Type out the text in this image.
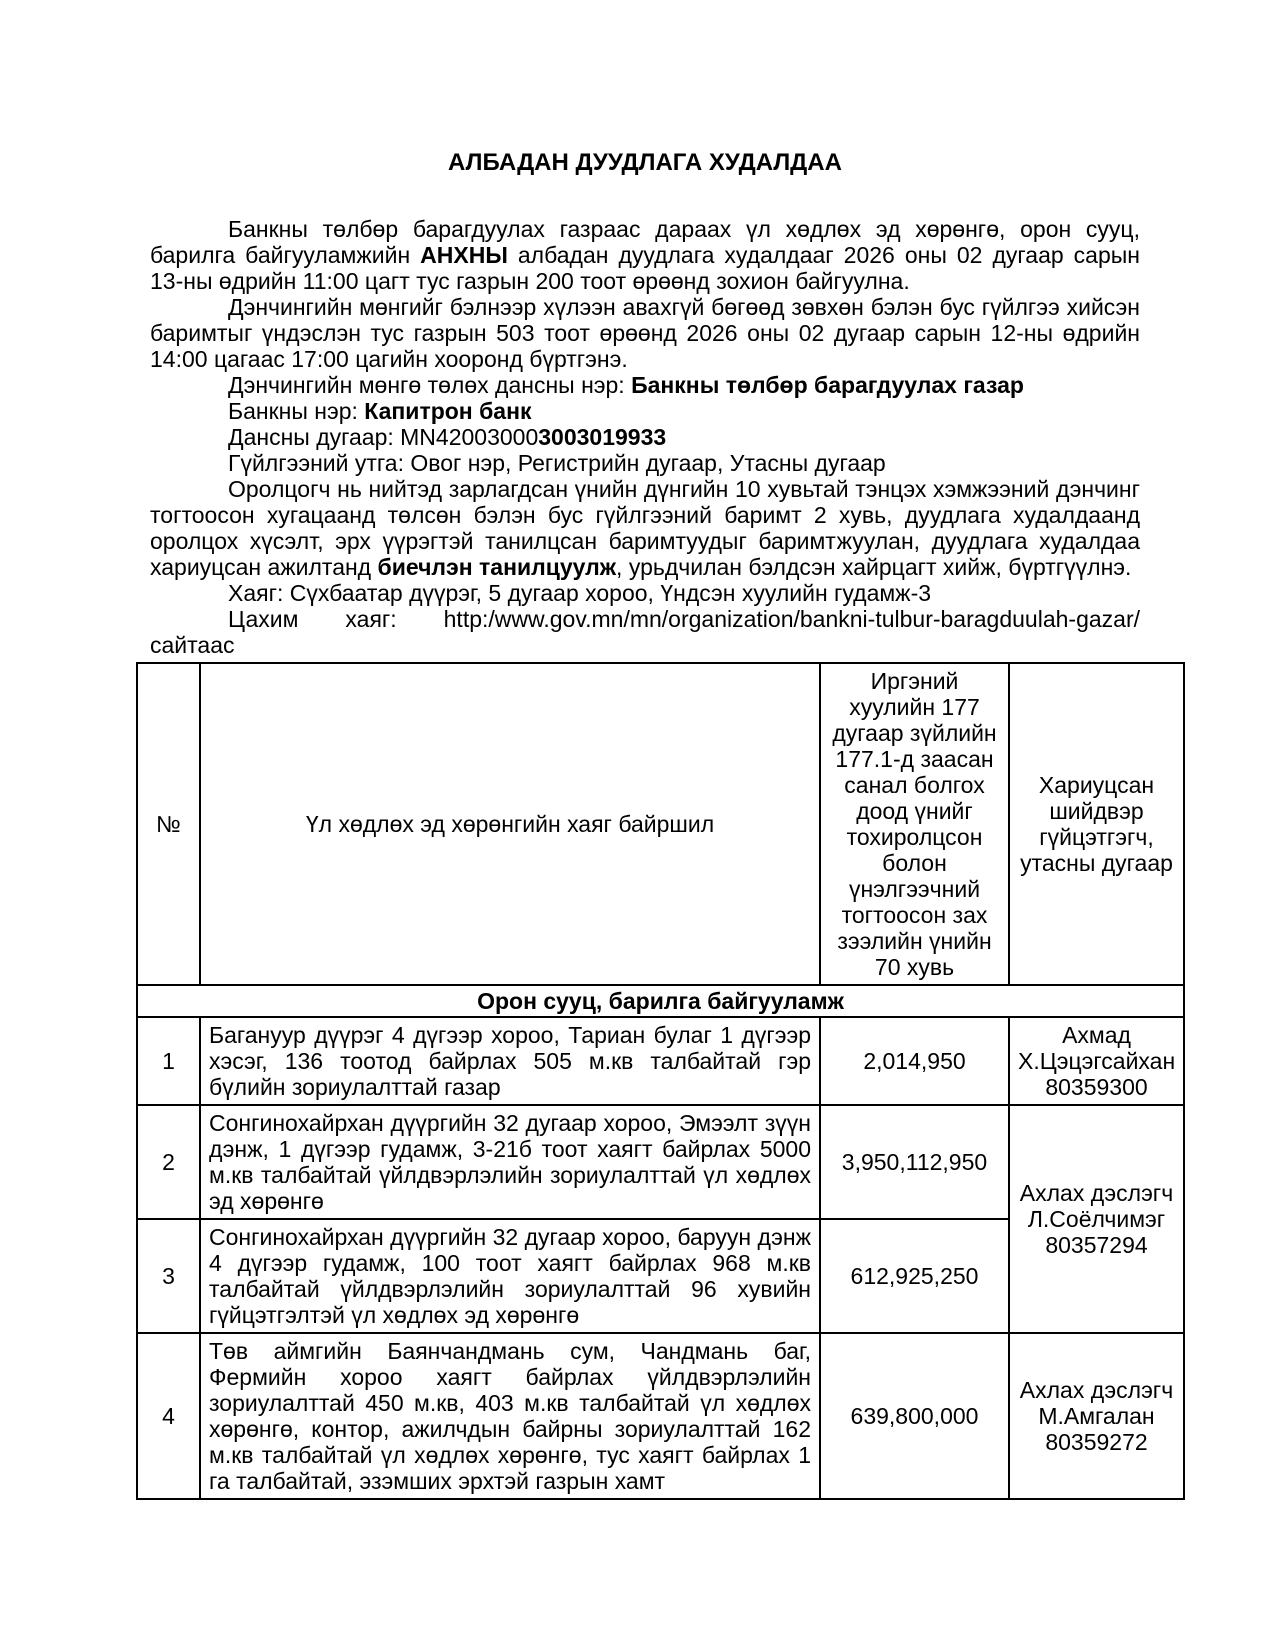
АЛБАДАН ДУУДЛАГА ХУДАЛДАА

Банкны төлбөр барагдуулах газраас дараах үл хөдлөх эд хөрөнгө, орон сууц, барилга байгууламжийн АНХНЫ албадан дуудлага худалдааг 2026 оны 02 дугаар сарын 13-ны өдрийн 11:00 цагт тус газрын 200 тоот өрөөнд зохион байгуулна.

Дэнчингийн мөнгийг бэлнээр хүлээн авахгүй бөгөөд зөвхөн бэлэн бус гүйлгээ хийсэн баримтыг үндэслэн тус газрын 503 тоот өрөөнд 2026 оны 02 дугаар сарын 12-ны өдрийн 14:00 цагаас 17:00 цагийн хооронд бүртгэнэ.

Дэнчингийн мөнгө төлөх дансны нэр: Банкны төлбөр барагдуулах газар

Банкны нэр: Капитрон банк

Дансны дугаар: MN420030003003019933

Гүйлгээний утга: Овог нэр, Регистрийн дугаар, Утасны дугаар

Оролцогч нь нийтэд зарлагдсан үнийн дүнгийн 10 хувьтай тэнцэх хэмжээний дэнчинг тогтоосон хугацаанд төлсөн бэлэн бус гүйлгээний баримт 2 хувь, дуудлага худалдаанд оролцох хүсэлт, эрх үүрэгтэй танилцсан баримтуудыг баримтжуулан, дуудлага худалдаа хариуцсан ажилтанд биечлэн танилцуулж, урьдчилан бэлдсэн хайрцагт хийж, бүртгүүлнэ.

Хаяг: Сүхбаатар дүүрэг, 5 дугаар хороо, Үндсэн хуулийн гудамж-3

Цахим хаяг: http:/www.gov.mn/mn/organization/bankni-tulbur-baragduulah-gazar/ сайтаас

№	Үл хөдлөх эд хөрөнгийн хаяг байршил	Иргэний хуулийн 177 дугаар зүйлийн 177.1-д заасан санал болгох доод үнийг тохиролцсон болон үнэлгээчний тогтоосон зах зээлийн үнийн 70 хувь	Хариуцсан шийдвэр гүйцэтгэгч, утасны дугаар
Орон сууц, барилга байгууламж			
1	Багануур дүүрэг 4 дүгээр хороо, Тариан булаг 1 дүгээр хэсэг, 136 тоотод байрлах 505 м.кв талбайтай гэр бүлийн зориулалттай газар	2,014,950	Ахмад
Х.Цэцэгсайхан
80359300
2	Сонгинохайрхан дүүргийн 32 дугаар хороо, Эмээлт зүүн дэнж, 1 дүгээр гудамж, 3-21б тоот хаягт байрлах 5000 м.кв талбайтай үйлдвэрлэлийн зориулалттай үл хөдлөх эд хөрөнгө	3,950,112,950	Ахлах дэслэгч
Л.Соёлчимэг
80357294
3	Сонгинохайрхан дүүргийн 32 дугаар хороо, баруун дэнж 4 дүгээр гудамж, 100 тоот хаягт байрлах 968 м.кв талбайтай үйлдвэрлэлийн зориулалттай 96 хувийн гүйцэтгэлтэй үл хөдлөх эд хөрөнгө	612,925,250	
4	Төв аймгийн Баянчандмань сум, Чандмань баг, Фермийн хороо хаягт байрлах үйлдвэрлэлийн зориулалттай 450 м.кв, 403 м.кв талбайтай үл хөдлөх хөрөнгө, контор, ажилчдын байрны зориулалттай 162 м.кв талбайтай үл хөдлөх хөрөнгө, тус хаягт байрлах 1 га талбайтай, эзэмших эрхтэй газрын хамт	639,800,000	Ахлах дэслэгч
М.Амгалан
80359272
